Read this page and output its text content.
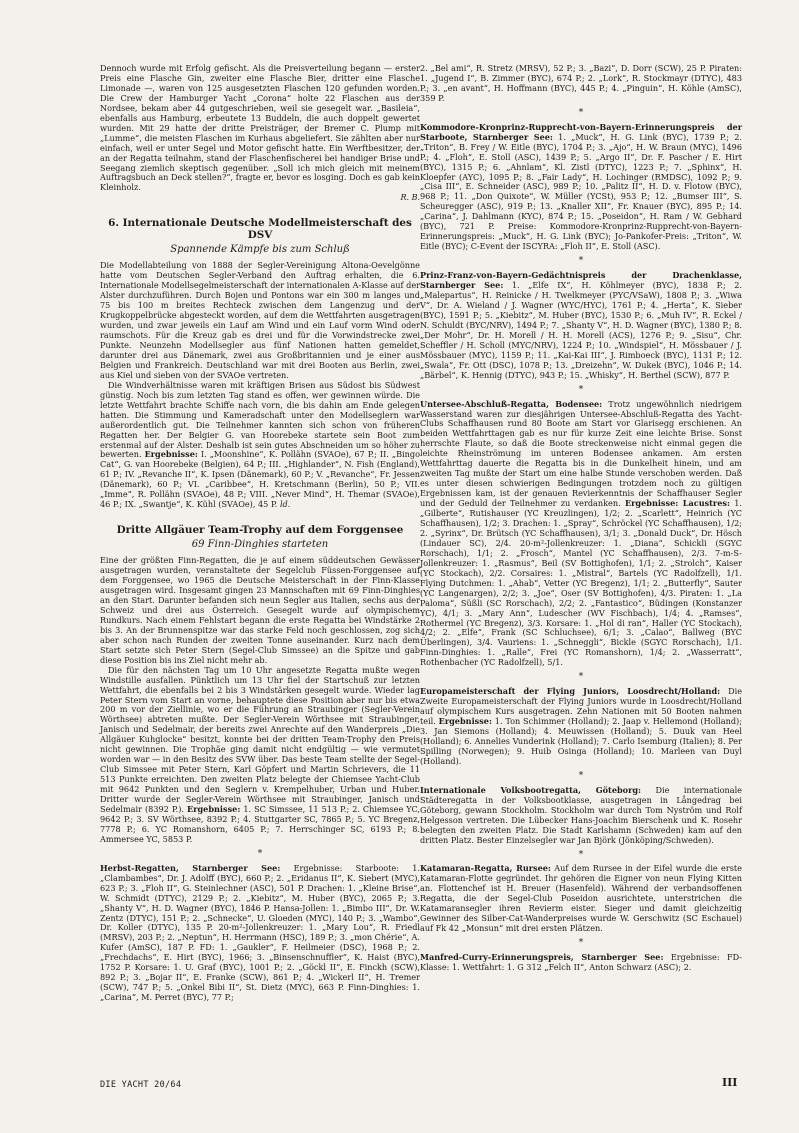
Dennoch wurde mit Erfolg gefischt. Als die Preisverteilung begann — erster Preis eine Flasche Gin, zweiter eine Flasche Bier, dritter eine Flasche Limonade —, waren von 125 ausgesetzten Flaschen 120 gefunden worden. Die Crew der Hamburger Yacht „Corona“ holte 22 Flaschen aus der Nordsee, bekam aber 44 gutgeschrieben, weil sie gesegelt war. „Basileia“, ebenfalls aus Hamburg, erbeutete 13 Buddeln, die auch doppelt gewertet wurden. Mit 29 hatte der dritte Preisträger, der Bremer C. Plump mit „Lumme“, die meisten Flaschen im Kurhaus abgeliefert. Sie zählten aber nur einfach, weil er unter Segel und Motor gefischt hatte. Ein Werftbesitzer, der an der Regatta teilnahm, stand der Flaschenfischerei bei handiger Brise und Seegang ziemlich skeptisch gegenüber. „Soll ich mich gleich mit meinem Auftragsbuch an Deck stellen?“, fragte er, bevor es losging. Doch es gab kein Kleinholz.

R. B.
6. Internationale Deutsche Modellmeisterschaft des DSV
Spannende Kämpfe bis zum Schluß

Die Modellabteilung von 1888 der Segler-Vereinigung Altona-Oevelgönne hatte vom Deutschen Segler-Verband den Auftrag erhalten, die 6. Internationale Modellsegelmeisterschaft der internationalen A-Klasse auf der Alster durchzuführen. Durch Bojen und Pontons war ein 300 m langes und 75 bis 100 m breites Rechteck zwischen dem Langenzug und der Krugkoppelbrücke abgesteckt worden, auf dem die Wettfahrten ausgetragen wurden, und zwar jeweils ein Lauf am Wind und ein Lauf vorm Wind oder raumschots. Für die Kreuz gab es drei und für die Vorwindstrecke zwei Punkte. Neunzehn Modellsegler aus fünf Nationen hatten gemeldet, darunter drei aus Dänemark, zwei aus Großbritannien und je einer aus Belgien und Frankreich. Deutschland war mit drei Booten aus Berlin, zwei aus Kiel und sieben von der SVAOe vertreten.

Die Windverhältnisse waren mit kräftigen Brisen aus Südost bis Südwest günstig. Noch bis zum letzten Tag stand es offen, wer gewinnen würde. Die letzte Wettfahrt brachte Schiffe nach vorn, die bis dahin am Ende gelegen hatten. Die Stimmung und Kameradschaft unter den Modellseglern war außerordentlich gut. Die Teilnehmer kannten sich schon von früheren Regatten her. Der Belgier G. van Hoorebeke startete sein Boot zum erstenmal auf der Alster. Deshalb ist sein gutes Abschneiden um so höher zu bewerten. Ergebnisse: I. „Moonshine“, K. Pollähn (SVAOe), 67 P.; II. „Bingo Cat“, G. van Hoorebeke (Belgien), 64 P.; III. „Highlander“, N. Fish (England), 61 P.; IV. „Revanche II“, K. Ipsen (Dänemark), 60 P.; V. „Revanche“, Fr. Jessen (Dänemark), 60 P.; VI. „Caribbee“, H. Kretschmann (Berlin), 50 P.; VII. „Imme“, R. Pollähn (SVAOe), 48 P.; VIII. „Never Mind“, H. Themar (SVAOe), 46 P.; IX. „Swantje“, K. Kühl (SVAOe), 45 P. ld.

Dritte Allgäuer Team-Trophy auf dem Forggensee
69 Finn-Dinghies starteten

Eine der größten Finn-Regatten, die je auf einem süddeutschen Gewässer ausgetragen wurden, veranstaltete der Segelclub Füssen-Forggensee auf dem Forggensee, wo 1965 die Deutsche Meisterschaft in der Finn-Klasse ausgetragen wird. Insgesamt gingen 23 Mannschaften mit 69 Finn-Dinghies an den Start. Darunter befanden sich neun Segler aus Italien, sechs aus der Schweiz und drei aus Österreich. Gesegelt wurde auf olympischem Rundkurs. Nach einem Fehlstart begann die erste Regatta bei Windstärke 2 bis 3. An der Brunnenspitze war das starke Feld noch geschlossen, zog sich aber schon nach Runden der zweiten Tonne auseinander. Kurz nach dem Start setzte sich Peter Stern (Segel-Club Simssee) an die Spitze und gab diese Position bis ins Ziel nicht mehr ab.

Die für den nächsten Tag um 10 Uhr angesetzte Regatta mußte wegen Windstille ausfallen. Pünktlich um 13 Uhr fiel der Startschuß zur letzten Wettfahrt, die ebenfalls bei 2 bis 3 Windstärken gesegelt wurde. Wieder lag Peter Stern vom Start an vorne, behauptete diese Position aber nur bis etwa 200 m vor der Ziellinie, wo er die Führung an Straubinger (Segler-Verein Wörthsee) abtreten mußte. Der Segler-Verein Wörthsee mit Straubinger, Janisch und Sedelmair, der bereits zwei Anrechte auf den Wanderpreis „Die Allgäuer Kuhglocke“ besitzt, konnte bei der dritten Team-Trophy den Preis nicht gewinnen. Die Trophäe ging damit nicht endgültig — wie vermutet worden war — in den Besitz des SVW über. Das beste Team stellte der Segel-Club Simssee mit Peter Stern, Karl Göpfert und Martin Schrievers, die 11 513 Punkte erreichten. Den zweiten Platz belegte der Chiemsee Yacht-Club mit 9642 Punkten und den Seglern v. Krempelhuber, Urban und Huber. Dritter wurde der Segler-Verein Wörthsee mit Straubinger, Janisch und Sedelmair (8392 P.). Ergebnisse: 1. SC Simssee, 11 513 P.; 2. Chiemsee YC, 9642 P.; 3. SV Wörthsee, 8392 P.; 4. Stuttgarter SC, 7865 P.; 5. YC Bregenz, 7778 P.; 6. YC Romanshorn, 6405 P.; 7. Herrschinger SC, 6193 P.; 8. Ammersee YC, 5853 P.

*

Herbst-Regatten, Starnberger See: Ergebnisse: Starboote: 1. „Clambambes“, Dr. J. Adolff (BYC), 660 P.; 2. „Eridanus II“, K. Siebert (MYC), 623 P.; 3. „Floh II“, G. Steinlechner (ASC), 501 P. Drachen: 1. „Kleine Brise“, W. Schmidt (DTYC), 2129 P.; 2. „Kiebitz“, M. Huber (BYC), 2065 P.; 3. „Shanty V“, H. D. Wagner (BYC), 1846 P. Hansa-Jollen: 1. „Bimbo III“, Dr. W. Zentz (DTYC), 151 P.; 2. „Schnecke“, U. Gloeden (MYC), 140 P.; 3. „Wambo“, Dr. Koller (DTYC), 135 P. 20-m²-Jollenkreuzer: 1. „Mary Lou“, R. Friedl (MRSV), 203 P.; 2. „Neptun“, H. Herrmann (HSC), 189 P.; 3. „mon Chérie“, A. Kufer (AmSC), 187 P. FD: 1. „Gaukler“, F. Heilmeier (DSC), 1968 P.; 2. „Frechdachs“, E. Hirt (BYC), 1966; 3. „Binsenschnuffler“, K. Haist (BYC), 1752 P. Korsare: 1. U. Graf (BYC), 1001 P.; 2. „Göckl II“, E. Finckh (SCW), 892 P.; 3. „Bojar II“, E. Franke (SCW), 861 P.; 4. „Wickerl II“, H. Tremer (SCW), 747 P.; 5. „Onkel Bibi II“, St. Dietz (MYC), 663 P. Finn-Dinghies: 1. „Carina“, M. Perret (BYC), 77 P.;

2. „Bel ami“, R. Stretz (MRSV), 52 P.; 3. „Bazi“, D. Dorr (SCW), 25 P. Piraten: 1. „Jugend I“, B. Zimmer (BYC), 674 P.; 2. „Lork“, R. Stockmayr (DTYC), 483 P.; 3. „en avant“, H. Hoffmann (BYC), 445 P.; 4. „Pinguin“, H. Köhle (AmSC), 359 P.

*

Kommodore-Kronprinz-Rupprecht-von-Bayern-Erinnerungspreis der Starboote, Starnberger See: 1. „Muck“, H. G. Link (BYC), 1739 P.; 2. „Triton“, B. Frey / W. Eitle (BYC), 1704 P.; 3. „Ajo“, H. W. Braun (MYC), 1496 P.; 4. „Floh“, E. Stoll (ASC), 1439 P.; 5. „Argo II“, Dr. F. Pascher / E. Hirt (BYC), 1315 P.; 6. „Ahnlam“, Kl. Zistl (DTYC), 1223 P.; 7. „Sphinx“, H. Kloepfer (AYC), 1095 P.; 8. „Fair Lady“, H. Lochinger (RMDSC), 1092 P.; 9. „Cisa III“, E. Schneider (ASC), 989 P.; 10. „Palitz II“, H. D. v. Flotow (BYC), 968 P.; 11. „Don Quixote“, W. Müller (YCSt), 953 P.; 12. „Bumser III“, S. Scheuregger (ASC), 919 P.; 13. „Knaller XII“, Fr. Knauer (BYC), 895 P.; 14. „Carina“, J. Dahlmann (KYC), 874 P.; 15. „Poseidon“, H. Ram / W. Gebhard (BYC), 721 P. Preise: Kommodore-Kronprinz-Rupprecht-von-Bayern-Erinnerungspreis: „Muck“, H. G. Link (BYC); Jo-Pankofer-Preis: „Triton“, W. Eitle (BYC); C-Event der ISCYRA: „Floh II“, E. Stoll (ASC).

*

Prinz-Franz-von-Bayern-Gedächtnispreis der Drachenklasse, Starnberger See: 1. „Elfe IX“, H. Köhlmeyer (BYC), 1838 P.; 2. „Malepartus“, H. Reinicke / H. Twelkmeyer (PYC/VSaW), 1808 P.; 3. „Wiwa V“, Dr. A. Wieland / J. Wagner (WYC/HYC), 1761 P.; 4. „Herta“, K. Sieber (BYC), 1591 P.; 5. „Kiebitz“, M. Huber (BYC), 1530 P.; 6. „Muh IV“, R. Eckel / N. Schuldt (BYC/NRV), 1494 P.; 7. „Shanty V“, H. D. Wagner (BYC), 1380 P.; 8. „Der Mohr“, Dr. H. Morell / H. H. Morell (ACS), 1276 P.; 9. „Sisu“, Chr. Scheffler / H. Scholl (MYC/NRV), 1224 P.; 10. „Windspiel“, H. Mössbauer / J. Mössbauer (MYC), 1159 P.; 11. „Kai-Kai III“, J. Rimboeck (BYC), 1131 P.; 12. „Swala“, Fr. Ott (DSC), 1078 P.; 13. „Dreizehn“, W. Dukek (BYC), 1046 P.; 14. „Bärbel“, K. Hennig (DTYC), 943 P.; 15. „Whisky“, H. Berthel (SCW), 877 P.

*

Untersee-Abschluß-Regatta, Bodensee: Trotz ungewöhnlich niedrigem Wasserstand waren zur diesjährigen Untersee-Abschluß-Regatta des Yacht-Clubs Schaffhausen rund 80 Boote am Start vor Glarisegg erschienen. An beiden Wettfahrttagen gab es nur für kurze Zeit eine leichte Brise. Sonst herrschte Flaute, so daß die Boote streckenweise nicht einmal gegen die leichte Rheinströmung im unteren Bodensee ankamen. Am ersten Wettfahrttag dauerte die Regatta bis in die Dunkelheit hinein, und am zweiten Tag mußte der Start um eine halbe Stunde verschoben werden. Daß es unter diesen schwierigen Bedingungen trotzdem noch zu gültigen Ergebnissen kam, ist der genauen Revierkenntnis der Schaffhauser Segler und der Geduld der Teilnehmer zu verdanken. Ergebnisse: Lacustres: 1. „Gilberte“, Rutishauser (YC Kreuzlingen), 1/2; 2. „Scarlett“, Heinrich (YC Schaffhausen), 1/2; 3. Drachen: 1. „Spray“, Schröckel (YC Schaffhausen), 1/2; 2. „Syrinx“, Dr. Brütsch (YC Schaffhausen), 3/1; 3. „Donald Duck“, Dr. Hösch (Lindauer SC), 2/4. 20-m²-Jollenkreuzer: 1. „Diana“, Schickli (SGYC Rorschach), 1/1; 2. „Frosch“, Mantel (YC Schaffhausen), 2/3. 7-m-S-Jollenkreuzer: 1. „Rasmus“, Beil (SV Bottighofen), 1/1; 2. „Strolch“, Kaiser (YC Stockach), 2/2. Corsaires: 1. „Mistral“, Bartels (YC Radolfzell), 1/1. Flying Dutchmen: 1. „Ahab“, Vetter (YC Bregenz), 1/1; 2. „Butterfly“, Sauter (YC Langenargen), 2/2; 3. „Joe“, Oser (SV Bottighofen), 4/3. Piraten: 1. „La Paloma“, Süßli (SC Rorschach), 2/2; 2. „Fantastico“, Büdingen (Konstanzer YC), 4/1; 3. „Mary Ann“, Ludescher (WV Fischbach), 1/4; 4. „Ramses“, Rothermel (YC Bregenz), 3/3. Korsare: 1. „Hol di ran“, Haller (YC Stockach), 4/2; 2. „Elfe“, Frank (SC Schluchsee), 6/1; 3. „Calao“, Ballweg (BYC Überlingen), 3/4. Vauriens: 1. „Schneggli“, Bickle (SGYC Rorschach), 1/1. Finn-Dinghies: 1. „Ralle“, Frei (YC Romanshorn), 1/4; 2. „Wasserratt“, Rothenbacher (YC Radolfzell), 5/1.

*

Europameisterschaft der Flying Juniors, Loosdrecht/Holland: Die Zweite Europameisterschaft der Flying Juniors wurde in Loosdrecht/Holland auf olympischem Kurs ausgetragen. Zehn Nationen mit 50 Booten nahmen teil. Ergebnisse: 1. Ton Schimmer (Holland); 2. Jaap v. Hellemond (Holland); 3. Jan Siemons (Holland); 4. Meuwissen (Holland); 5. Duuk van Heel (Holland); 6. Annelies Vunderink (Holland); 7. Carlo Isemburg (Italien); 8. Per Spilling (Norwegen); 9. Huib Osinga (Holland); 10. Marleen van Duyl (Holland).

*

Internationale Volksbootregatta, Göteborg: Die internationale Städteregatta in der Volksbootklasse, ausgetragen in Långedrag bei Göteborg, gewann Stockholm. Stockholm war durch Tom Nyström und Rolf Helgesson vertreten. Die Lübecker Hans-Joachim Bierschenk und K. Rosehr belegten den zweiten Platz. Die Stadt Karlshamn (Schweden) kam auf den dritten Platz. Bester Einzelsegler war Jan Björk (Jönköping/Schweden).

*

Katamaran-Regatta, Rursee: Auf dem Rursee in der Eifel wurde die erste Katamaran-Flotte gegründet. Ihr gehören die Eigner von neun Flying Kitten an. Flottenchef ist H. Breuer (Hasenfeld). Während der verbandsoffenen Regatta, die der Segel-Club Poseidon ausrichtete, unterstrichen die Katamaransegler ihren Revierm eister. Sieger und damit gleichzeitig Gewinner des Silber-Cat-Wanderpreises wurde W. Gerschwitz (SC Eschauel) auf Fk 42 „Monsun“ mit drei ersten Plätzen.

*

Manfred-Curry-Erinnerungspreis, Starnberger See: Ergebnisse: FD-Klasse: 1. Wettfahrt: 1. G 312 „Felch II“, Anton Schwarz (ASC); 2.

DIE YACHT 20/64	III
